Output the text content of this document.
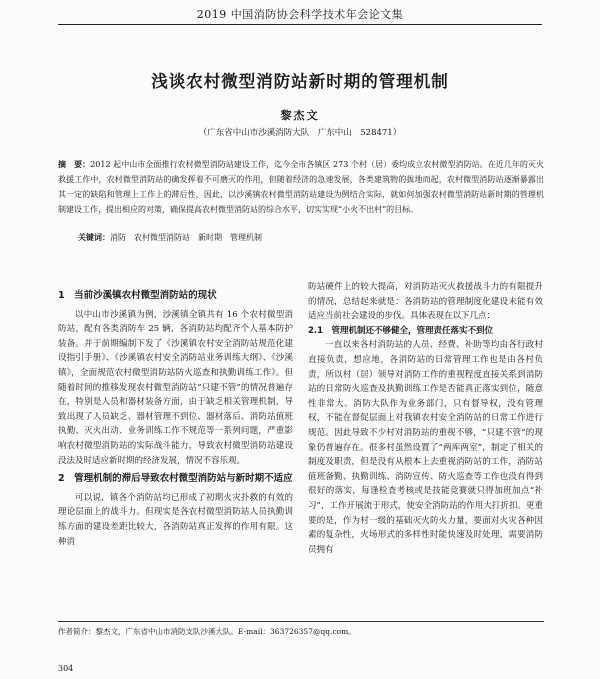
2019 中国消防协会科学技术年会论文集
浅谈农村微型消防站新时期的管理机制
黎杰文
（广东省中山市沙溪消防大队　广东中山　528471）
摘　要：2012 起中山市全面推行农村微型消防站建设工作，迄今全市各镇区 273 个村（居）委均成立农村微型消防站。在近几年的灭火救援工作中，农村微型消防站的确发挥着不可磨灭的作用，但随着经济的急速发展，各类建筑物的拔地而起，农村微型消防站逐渐暴露出其一定的缺陷和管理上工作上的滞后性，因此，以沙溪镇农村微型消防站建设为例结合实际，就如何加强农村微型消防站新时期的管理机制建设工作，提出相应的对策，确保提高农村微型消防站的综合水平，切实实现“小火不出村”的目标。
关键词：消防　农村微型消防站　新时期　管理机制
1　当前沙溪镇农村微型消防站的现状

以中山市沙溪镇为例，沙溪镇全镇共有 16 个农村微型消防站，配有各类消防车 25 辆，各消防站均配齐个人基本防护装备。并于前期编制下发了《沙溪镇农村安全消防站规范化建设指引手册》、《沙溪镇农村安全消防站业务训练大纲》、《沙溪镇》，全面规范农村微型消防站防火巡查和执勤训练工作》。但随着时间的推移发现农村微型消防站“只建不管”的情况普遍存在，特别是人员和器材装备方面，由于缺乏相关管理机制，导致出现了人员缺乏、器材管理不到位、器材落后、消防站值班执勤、灭火出动、业务训练工作不规范等一系列问题，严重影响农村微型消防站的实际战斗能力，导致农村微型消防站建设没法及时适应新时期的经济发展，情况不容乐观。

2　管理机制的滞后导致农村微型消防站与新时期不适应

可以说，镇各个消防站均已形成了初期火灾扑救的有效的理论层面上的战斗力。但现实是各农村微型消防站人员执勤训练方面的建设差距比较大，各消防站真正发挥的作用有限。这种消

防站硬件上的较大提高，对消防站灭火救援战斗力的有限提升的情况，总结起来就是：各消防站的管理制度化建设未能有效适应当前社会建设的步伐。具体表现在以下几点：

2.1　管理机制还不够健全，管理责任落实不到位

一直以来各村消防站的人员、经费、补助等均由各行政村直接负责，想应地，各消防站的日常管理工作也是由各村负责，所以村（居）领导对消防工作的重视程度直接关系到消防站的日常防火巡查及执勤训练工作是否能真正落实到位，随意性非常大。消防大队作为业务部门，只有督导权，没有管理权，不能在督促层面上对我镇农村安全消防站的日常工作进行规范。因此导致不少村对消防站的重视不够，“只建不管”的现象仍普遍存在。很多村虽然设置了“两库两室”，制定了相关的制度及职责，但是没有从根本上去重视消防站的工作，消防站值班备勤、执勤训练、消防宣传、防火巡查等工作也没有得到很好的落实，每逢检查考核或是技能竞赛就只得加班加点“补习”，工作开展流于形式，使安全消防站的作用大打折扣。更重要的是，作为村一级的基础灭火防火力量，要面对火灾各种因素的复杂性，火场形式的多样性时能快速及时处理，需要消防员拥有

作者简介：黎杰文，广东省中山市消防支队沙溪大队。E-mail：363726357@qq.com。
304
